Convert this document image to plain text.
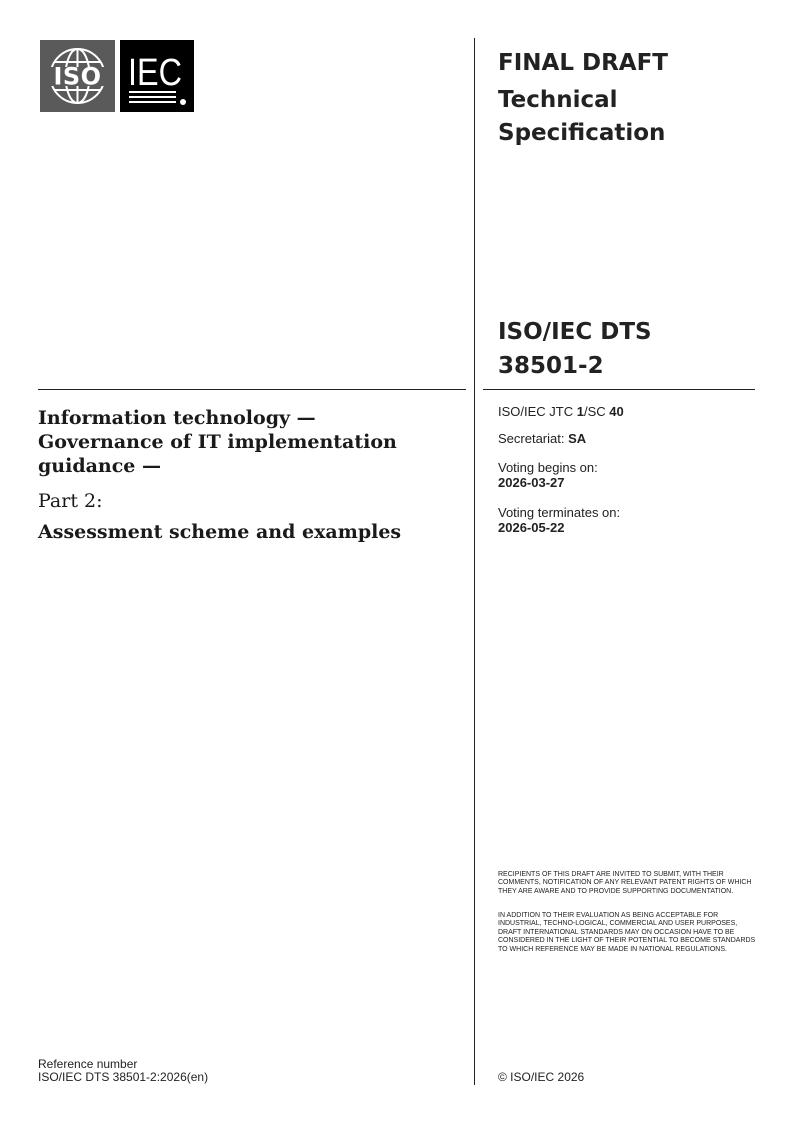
ISO IEC	FINAL DRAFT
Technical
Specification
ISO/IEC DTS
38501-2
ISO/IEC JTC 1/SC 40
Secretariat: SA
Voting begins on:
2026-03-27
Voting terminates on:
2026-05-22
Information technology —
Governance of IT implementation
guidance —
Part 2:
Assessment scheme and examples
RECIPIENTS OF THIS DRAFT ARE INVITED TO SUBMIT, WITH THEIR COMMENTS, NOTIFICATION OF ANY RELEVANT PATENT RIGHTS OF WHICH THEY ARE AWARE AND TO PROVIDE SUPPORTING DOCUMENTATION.
IN ADDITION TO THEIR EVALUATION AS BEING ACCEPTABLE FOR INDUSTRIAL, TECHNO-LOGICAL, COMMERCIAL AND USER PURPOSES, DRAFT INTERNATIONAL STANDARDS MAY ON OCCASION HAVE TO BE CONSIDERED IN THE LIGHT OF THEIR POTENTIAL TO BECOME STANDARDS TO WHICH REFERENCE MAY BE MADE IN NATIONAL REGULATIONS.
Reference number
ISO/IEC DTS 38501-2:2026(en)	© ISO/IEC 2026
